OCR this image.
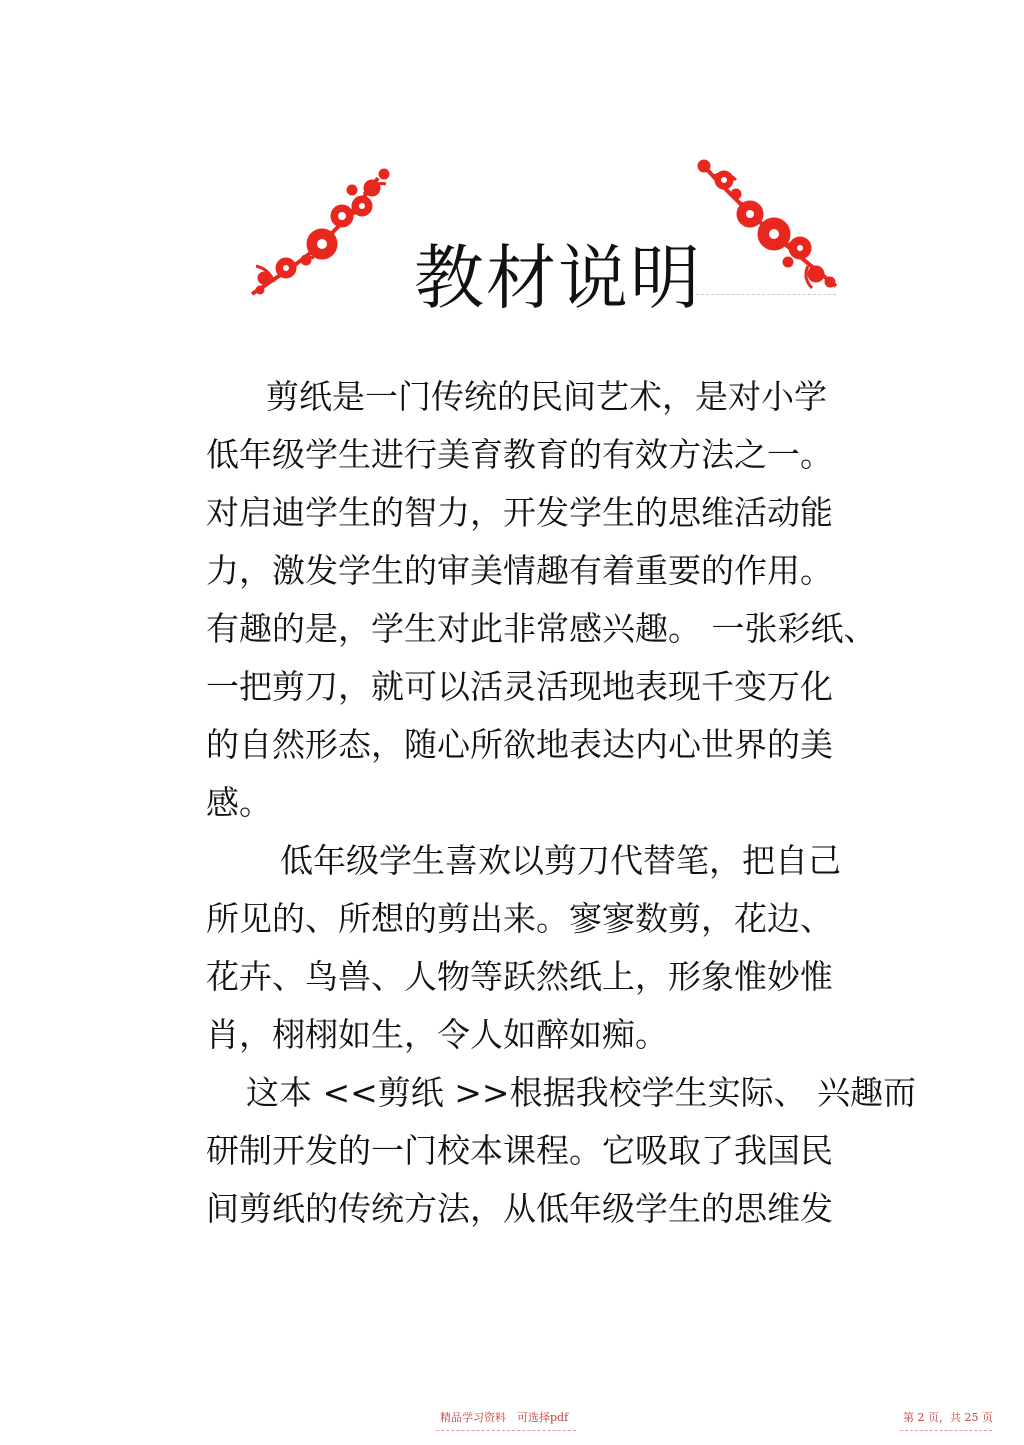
教材说明
剪纸是一门传统的民间艺术，是对小学
低年级学生进行美育教育的有效方法之一。
对启迪学生的智力，开发学生的思维活动能
力，激发学生的审美情趣有着重要的作用。
有趣的是，学生对此非常感兴趣。 一张彩纸、
一把剪刀，就可以活灵活现地表现千变万化
的自然形态，随心所欲地表达内心世界的美
感。
低年级学生喜欢以剪刀代替笔，把自己
所见的、所想的剪出来。寥寥数剪，花边、
花卉、鸟兽、人物等跃然纸上，形象惟妙惟
肖，栩栩如生，令人如醉如痴。
这本 <<剪纸 >>根据我校学生实际、 兴趣而
研制开发的一门校本课程。它吸取了我国民
间剪纸的传统方法，从低年级学生的思维发
精品学习资料　可选择pdf	第 2 页，共 25 页
